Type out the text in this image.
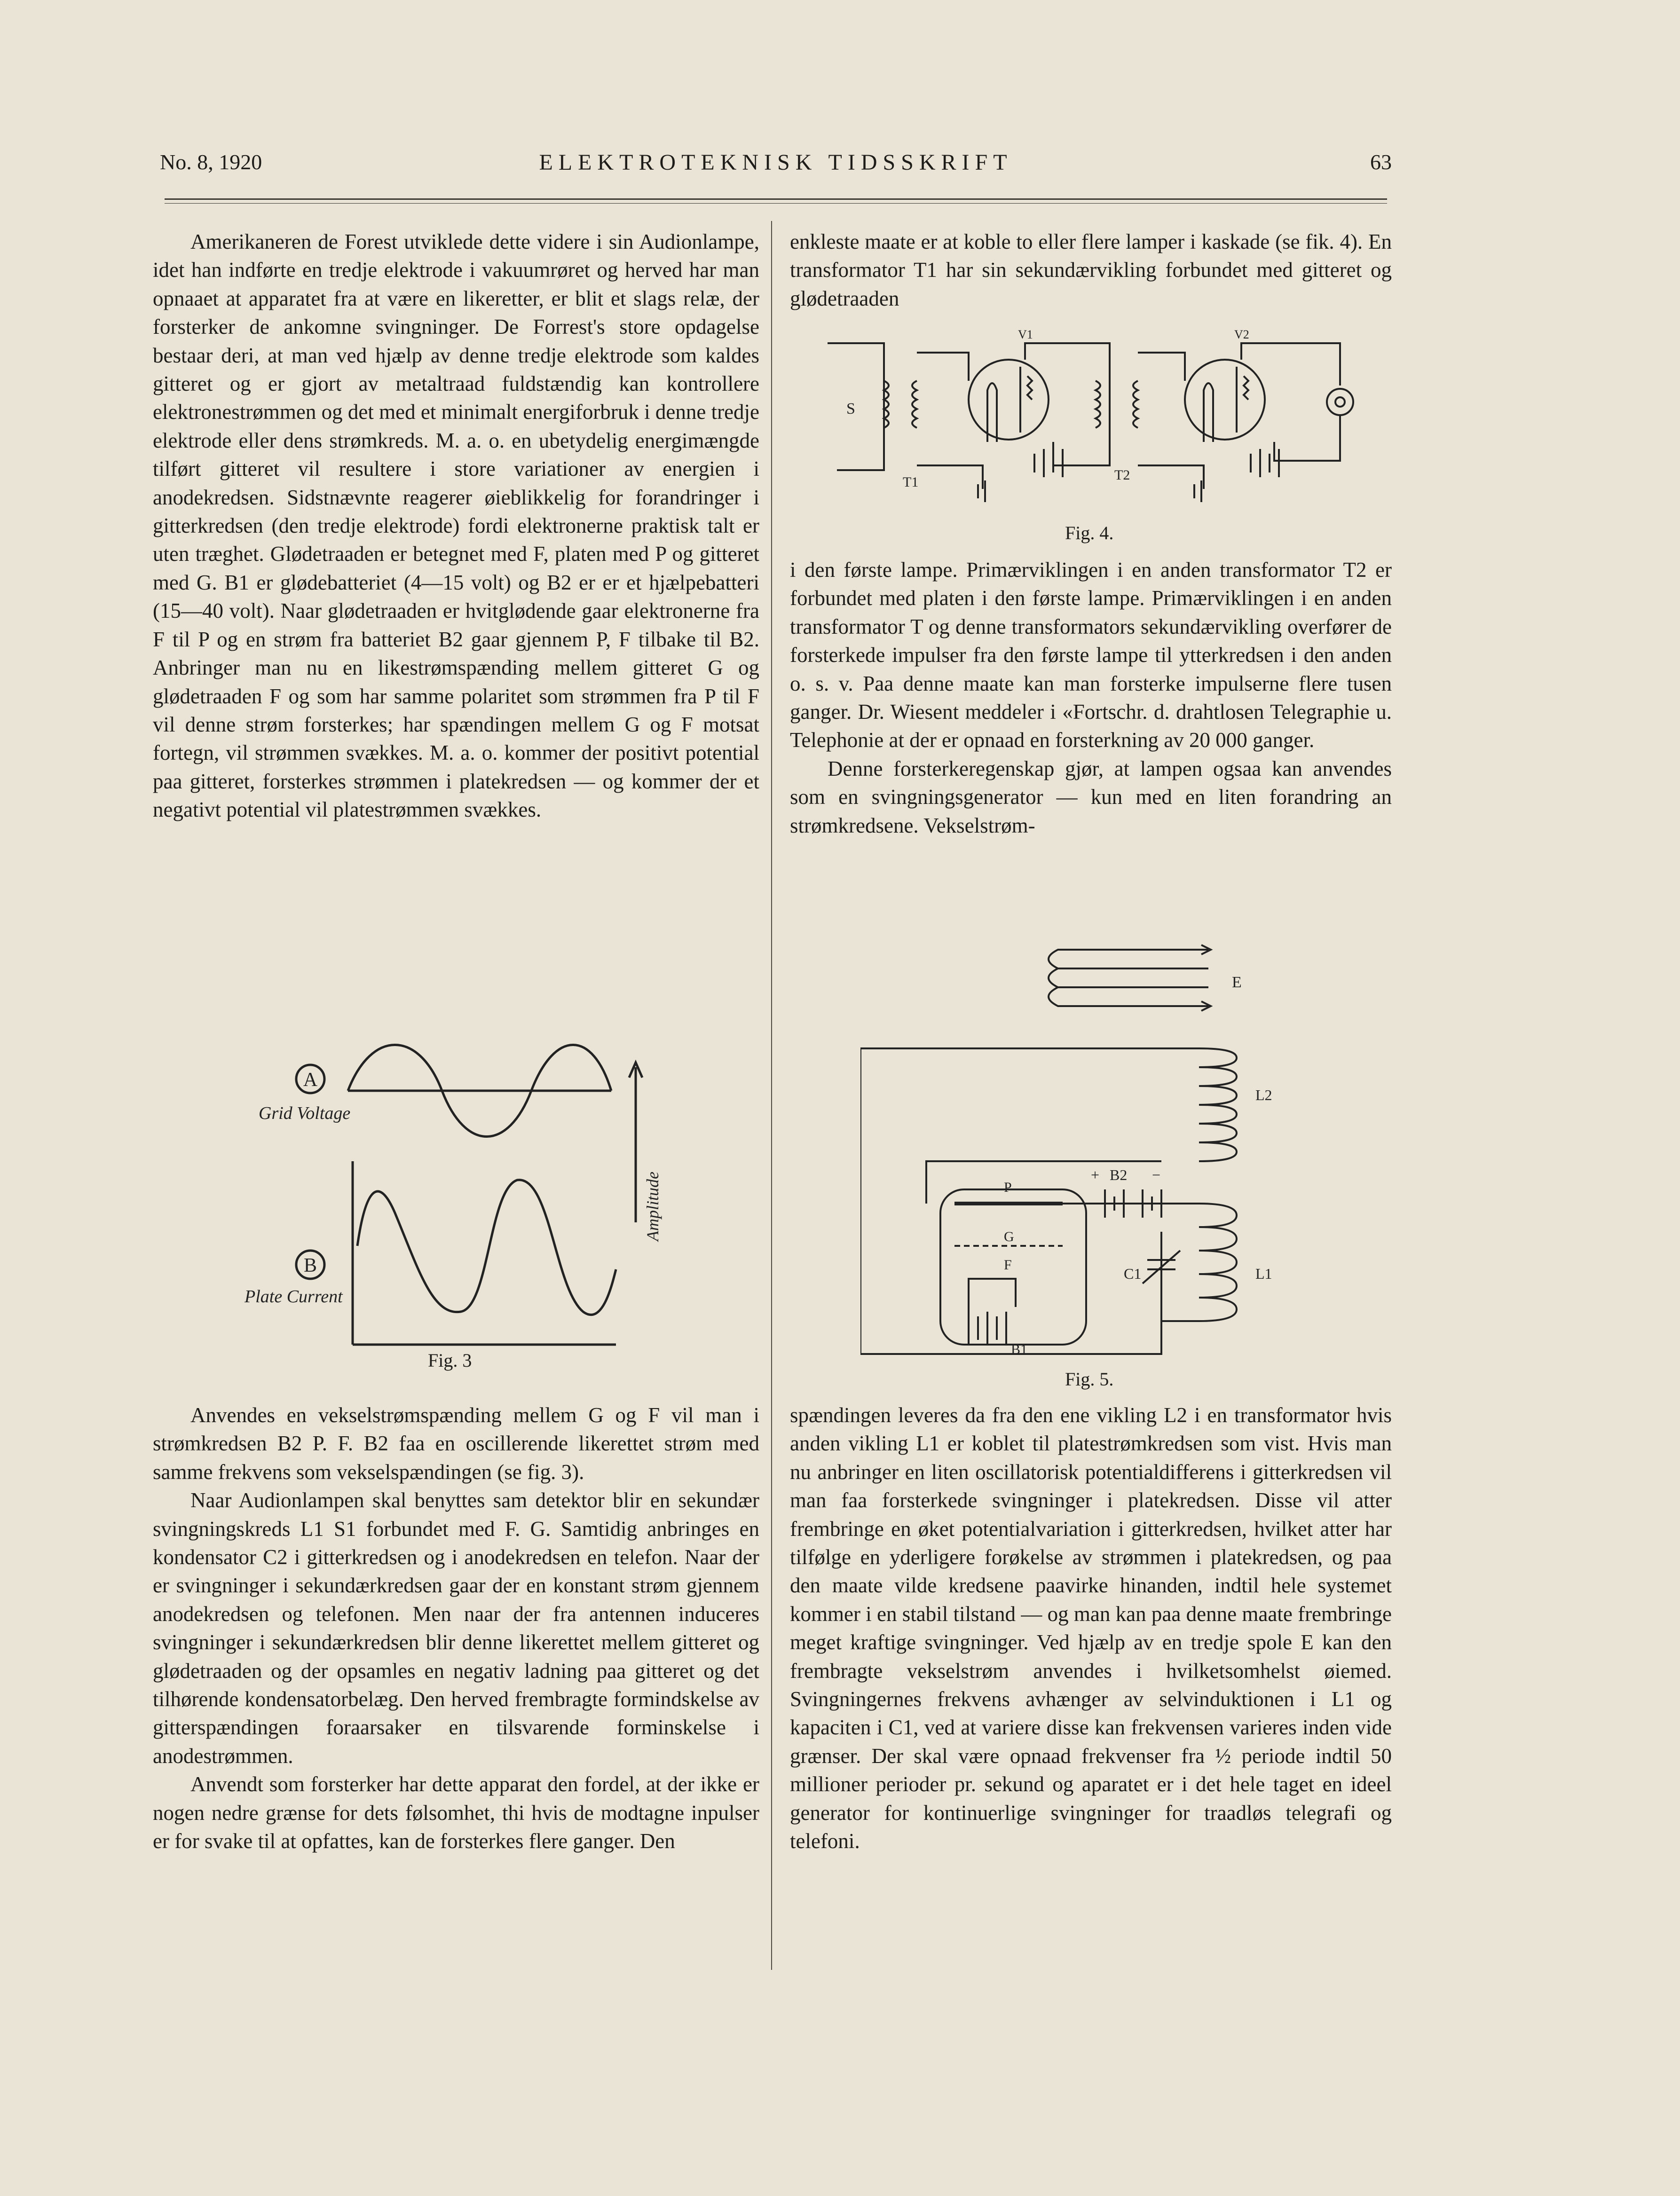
No. 8, 1920	ELEKTROTEKNISK TIDSSKRIFT	63

Amerikaneren de Forest utviklede dette videre i sin Audionlampe, idet han indførte en tredje elektrode i vakuumrøret og herved har man opnaaet at apparatet fra at være en likeretter, er blit et slags relæ, der forsterker de ankomne svingninger. De Forrest's store opdagelse bestaar deri, at man ved hjælp av denne tredje elektrode som kaldes gitteret og er gjort av metaltraad fuldstændig kan kontrollere elektronestrømmen og det med et minimalt energiforbruk i denne tredje elektrode eller dens strømkreds. M. a. o. en ubetydelig energimængde tilført gitteret vil resultere i store variationer av energien i anodekredsen. Sidstnævnte reagerer øieblikkelig for forandringer i gitterkredsen (den tredje elektrode) fordi elektronerne praktisk talt er uten træghet. Glødetraaden er betegnet med F, platen med P og gitteret med G. B1 er glødebatteriet (4—15 volt) og B2 er er et hjælpebatteri (15—40 volt). Naar glødetraaden er hvitglødende gaar elektronerne fra F til P og en strøm fra batteriet B2 gaar gjennem P, F tilbake til B2. Anbringer man nu en likestrømspænding mellem gitteret G og glødetraaden F og som har samme polaritet som strømmen fra P til F vil denne strøm forsterkes; har spændingen mellem G og F motsat fortegn, vil strømmen svækkes. M. a. o. kommer der positivt potential paa gitteret, forsterkes strømmen i platekredsen — og kommer der et negativt potential vil platestrømmen svækkes.

A
B
Grid Voltage
Plate Current
Amplitude
Fig. 3

Anvendes en vekselstrømspænding mellem G og F vil man i strømkredsen B2 P. F. B2 faa en oscillerende likerettet strøm med samme frekvens som vekselspændingen (se fig. 3).

Naar Audionlampen skal benyttes sam detektor blir en sekundær svingningskreds L1 S1 forbundet med F. G. Samtidig anbringes en kondensator C2 i gitterkredsen og i anodekredsen en telefon. Naar der er svingninger i sekundærkredsen gaar der en konstant strøm gjennem anodekredsen og telefonen. Men naar der fra antennen induceres svingninger i sekundærkredsen blir denne likerettet mellem gitteret og glødetraaden og der opsamles en negativ ladning paa gitteret og det tilhørende kondensatorbelæg. Den herved frembragte formindskelse av gitterspændingen foraarsaker en tilsvarende forminskelse i anodestrømmen.

Anvendt som forsterker har dette apparat den fordel, at der ikke er nogen nedre grænse for dets følsomhet, thi hvis de modtagne inpulser er for svake til at opfattes, kan de forsterkes flere ganger. Den

enkleste maate er at koble to eller flere lamper i kaskade (se fik. 4). En transformator T1 har sin sekundærvikling forbundet med gitteret og glødetraaden

S
T1	T2
V1	V2
Fig. 4.

i den første lampe. Primærviklingen i en anden transformator T2 er forbundet med platen i den første lampe. Primærviklingen i en anden transformator T og denne transformators sekundærvikling overfører de forsterkede impulser fra den første lampe til ytterkredsen i den anden o. s. v. Paa denne maate kan man forsterke impulserne flere tusen ganger. Dr. Wiesent meddeler i «Fortschr. d. drahtlosen Telegraphie u. Telephonie at der er opnaad en forsterkning av 20 000 ganger.

Denne forsterkeregenskap gjør, at lampen ogsaa kan anvendes som en svingningsgenerator — kun med en liten forandring an strømkredsene. Vekselstrøm-

E
L2
L1
B2
+	−
P
G
F
C1
B1
Fig. 5.

spændingen leveres da fra den ene vikling L2 i en transformator hvis anden vikling L1 er koblet til platestrømkredsen som vist. Hvis man nu anbringer en liten oscillatorisk potentialdifferens i gitterkredsen vil man faa forsterkede svingninger i platekredsen. Disse vil atter frembringe en øket potentialvariation i gitterkredsen, hvilket atter har tilfølge en yderligere forøkelse av strømmen i platekredsen, og paa den maate vilde kredsene paavirke hinanden, indtil hele systemet kommer i en stabil tilstand — og man kan paa denne maate frembringe meget kraftige svingninger. Ved hjælp av en tredje spole E kan den frembragte vekselstrøm anvendes i hvilketsomhelst øiemed. Svingningernes frekvens avhænger av selvinduktionen i L1 og kapaciten i C1, ved at variere disse kan frekvensen varieres inden vide grænser. Der skal være opnaad frekvenser fra ½ periode indtil 50 millioner perioder pr. sekund og aparatet er i det hele taget en ideel generator for kontinuerlige svingninger for traadløs telegrafi og telefoni.
